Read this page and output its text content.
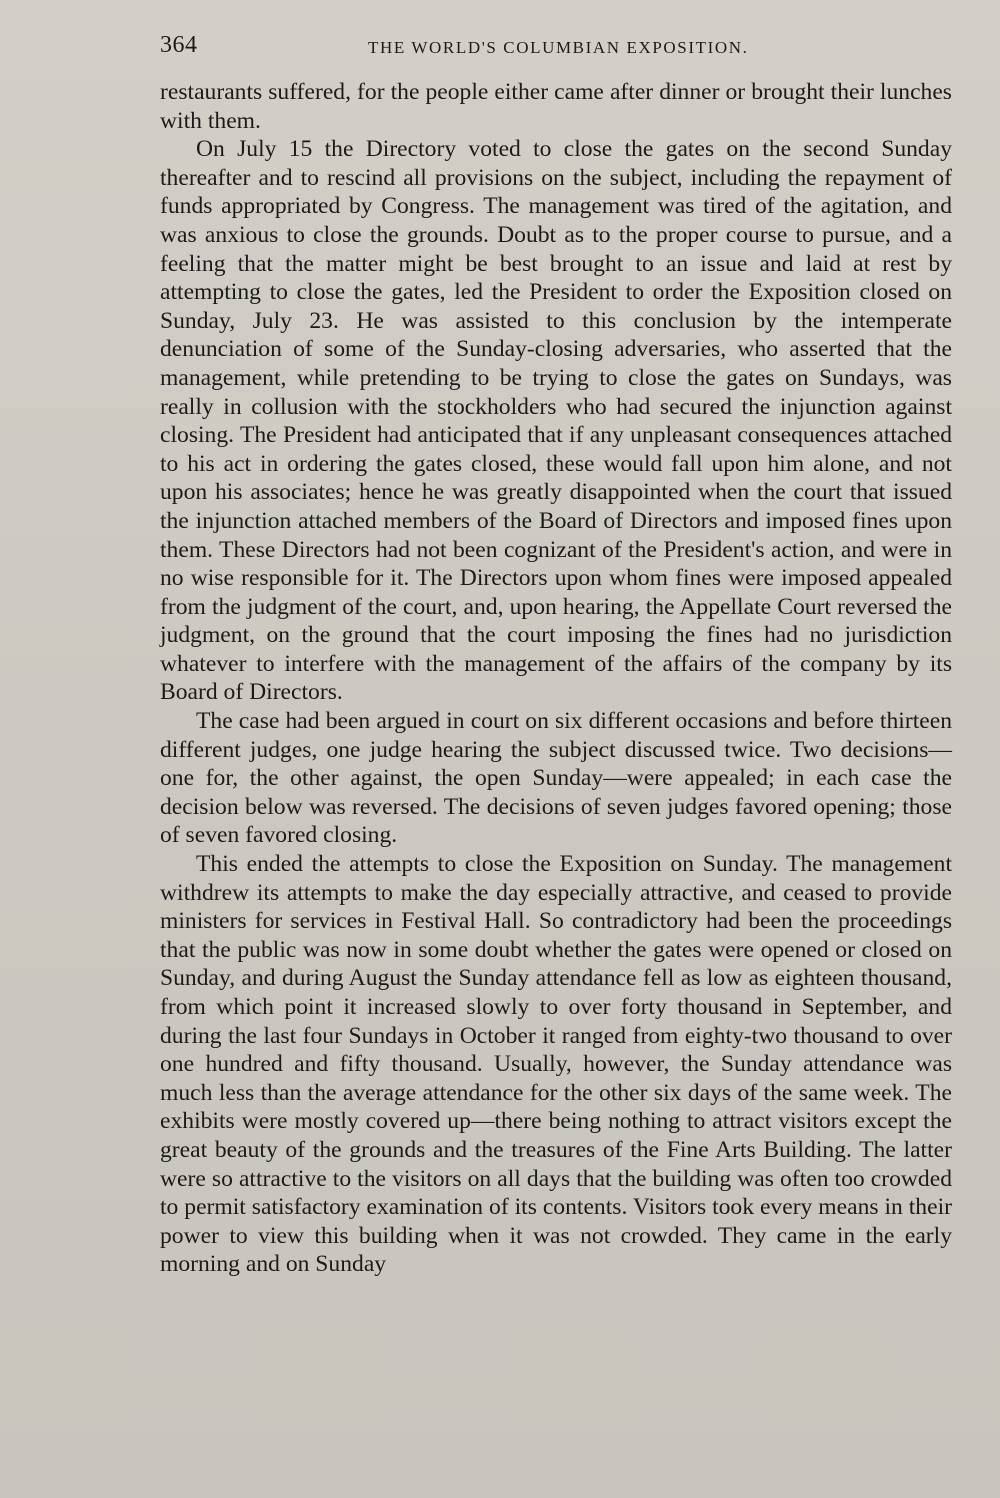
364	THE WORLD'S COLUMBIAN EXPOSITION.

restaurants suffered, for the people either came after dinner or brought their lunches with them.

On July 15 the Directory voted to close the gates on the second Sunday thereafter and to rescind all provisions on the subject, including the repayment of funds appropriated by Congress. The management was tired of the agitation, and was anxious to close the grounds. Doubt as to the proper course to pursue, and a feeling that the matter might be best brought to an issue and laid at rest by attempting to close the gates, led the President to order the Exposition closed on Sunday, July 23. He was assisted to this conclusion by the intemperate denunciation of some of the Sunday-closing adversaries, who asserted that the management, while pretending to be trying to close the gates on Sundays, was really in collusion with the stockholders who had secured the injunction against closing. The President had anticipated that if any unpleasant consequences attached to his act in ordering the gates closed, these would fall upon him alone, and not upon his associates; hence he was greatly disappointed when the court that issued the injunction attached members of the Board of Directors and imposed fines upon them. These Directors had not been cognizant of the President's action, and were in no wise responsible for it. The Directors upon whom fines were imposed appealed from the judgment of the court, and, upon hearing, the Appellate Court reversed the judgment, on the ground that the court imposing the fines had no jurisdiction whatever to interfere with the management of the affairs of the company by its Board of Directors.

The case had been argued in court on six different occasions and before thirteen different judges, one judge hearing the subject discussed twice. Two decisions—one for, the other against, the open Sunday—were appealed; in each case the decision below was reversed. The decisions of seven judges favored opening; those of seven favored closing.

This ended the attempts to close the Exposition on Sunday. The management withdrew its attempts to make the day especially attractive, and ceased to provide ministers for services in Festival Hall. So contradictory had been the proceedings that the public was now in some doubt whether the gates were opened or closed on Sunday, and during August the Sunday attendance fell as low as eighteen thousand, from which point it increased slowly to over forty thousand in September, and during the last four Sundays in October it ranged from eighty-two thousand to over one hundred and fifty thousand. Usually, however, the Sunday attendance was much less than the average attendance for the other six days of the same week. The exhibits were mostly covered up—there being nothing to attract visitors except the great beauty of the grounds and the treasures of the Fine Arts Building. The latter were so attractive to the visitors on all days that the building was often too crowded to permit satisfactory examination of its contents. Visitors took every means in their power to view this building when it was not crowded. They came in the early morning and on Sunday
